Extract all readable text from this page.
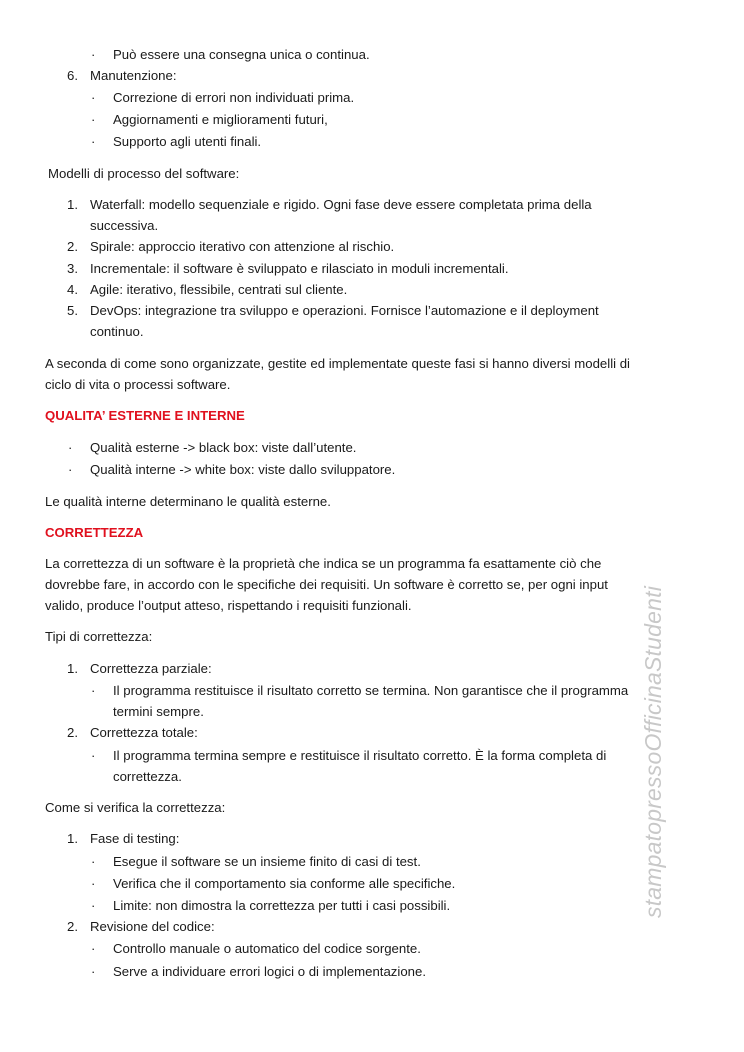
stampatopressoOfficinaStudenti
· Può essere una consegna unica o continua.
6. Manutenzione:
· Correzione di errori non individuati prima.
· Aggiornamenti e miglioramenti futuri,
· Supporto agli utenti finali.
Modelli di processo del software:
1. Waterfall: modello sequenziale e rigido. Ogni fase deve essere completata prima della
successiva.
2. Spirale: approccio iterativo con attenzione al rischio.
3. Incrementale: il software è sviluppato e rilasciato in moduli incrementali.
4. Agile: iterativo, flessibile, centrati sul cliente.
5. DevOps: integrazione tra sviluppo e operazioni. Fornisce l’automazione e il deployment
continuo.
A seconda di come sono organizzate, gestite ed implementate queste fasi si hanno diversi modelli di
ciclo di vita o processi software.
QUALITA’ ESTERNE E INTERNE
· Qualità esterne -> black box: viste dall’utente.
· Qualità interne -> white box: viste dallo sviluppatore.
Le qualità interne determinano le qualità esterne.
CORRETTEZZA
La correttezza di un software è la proprietà che indica se un programma fa esattamente ciò che
dovrebbe fare, in accordo con le specifiche dei requisiti. Un software è corretto se, per ogni input
valido, produce l’output atteso, rispettando i requisiti funzionali.
Tipi di correttezza:
1. Correttezza parziale:
· Il programma restituisce il risultato corretto se termina. Non garantisce che il programma
termini sempre.
2. Correttezza totale:
· Il programma termina sempre e restituisce il risultato corretto. È la forma completa di
correttezza.
Come si verifica la correttezza:
1. Fase di testing:
· Esegue il software se un insieme finito di casi di test.
· Verifica che il comportamento sia conforme alle specifiche.
· Limite: non dimostra la correttezza per tutti i casi possibili.
2. Revisione del codice:
· Controllo manuale o automatico del codice sorgente.
· Serve a individuare errori logici o di implementazione.
